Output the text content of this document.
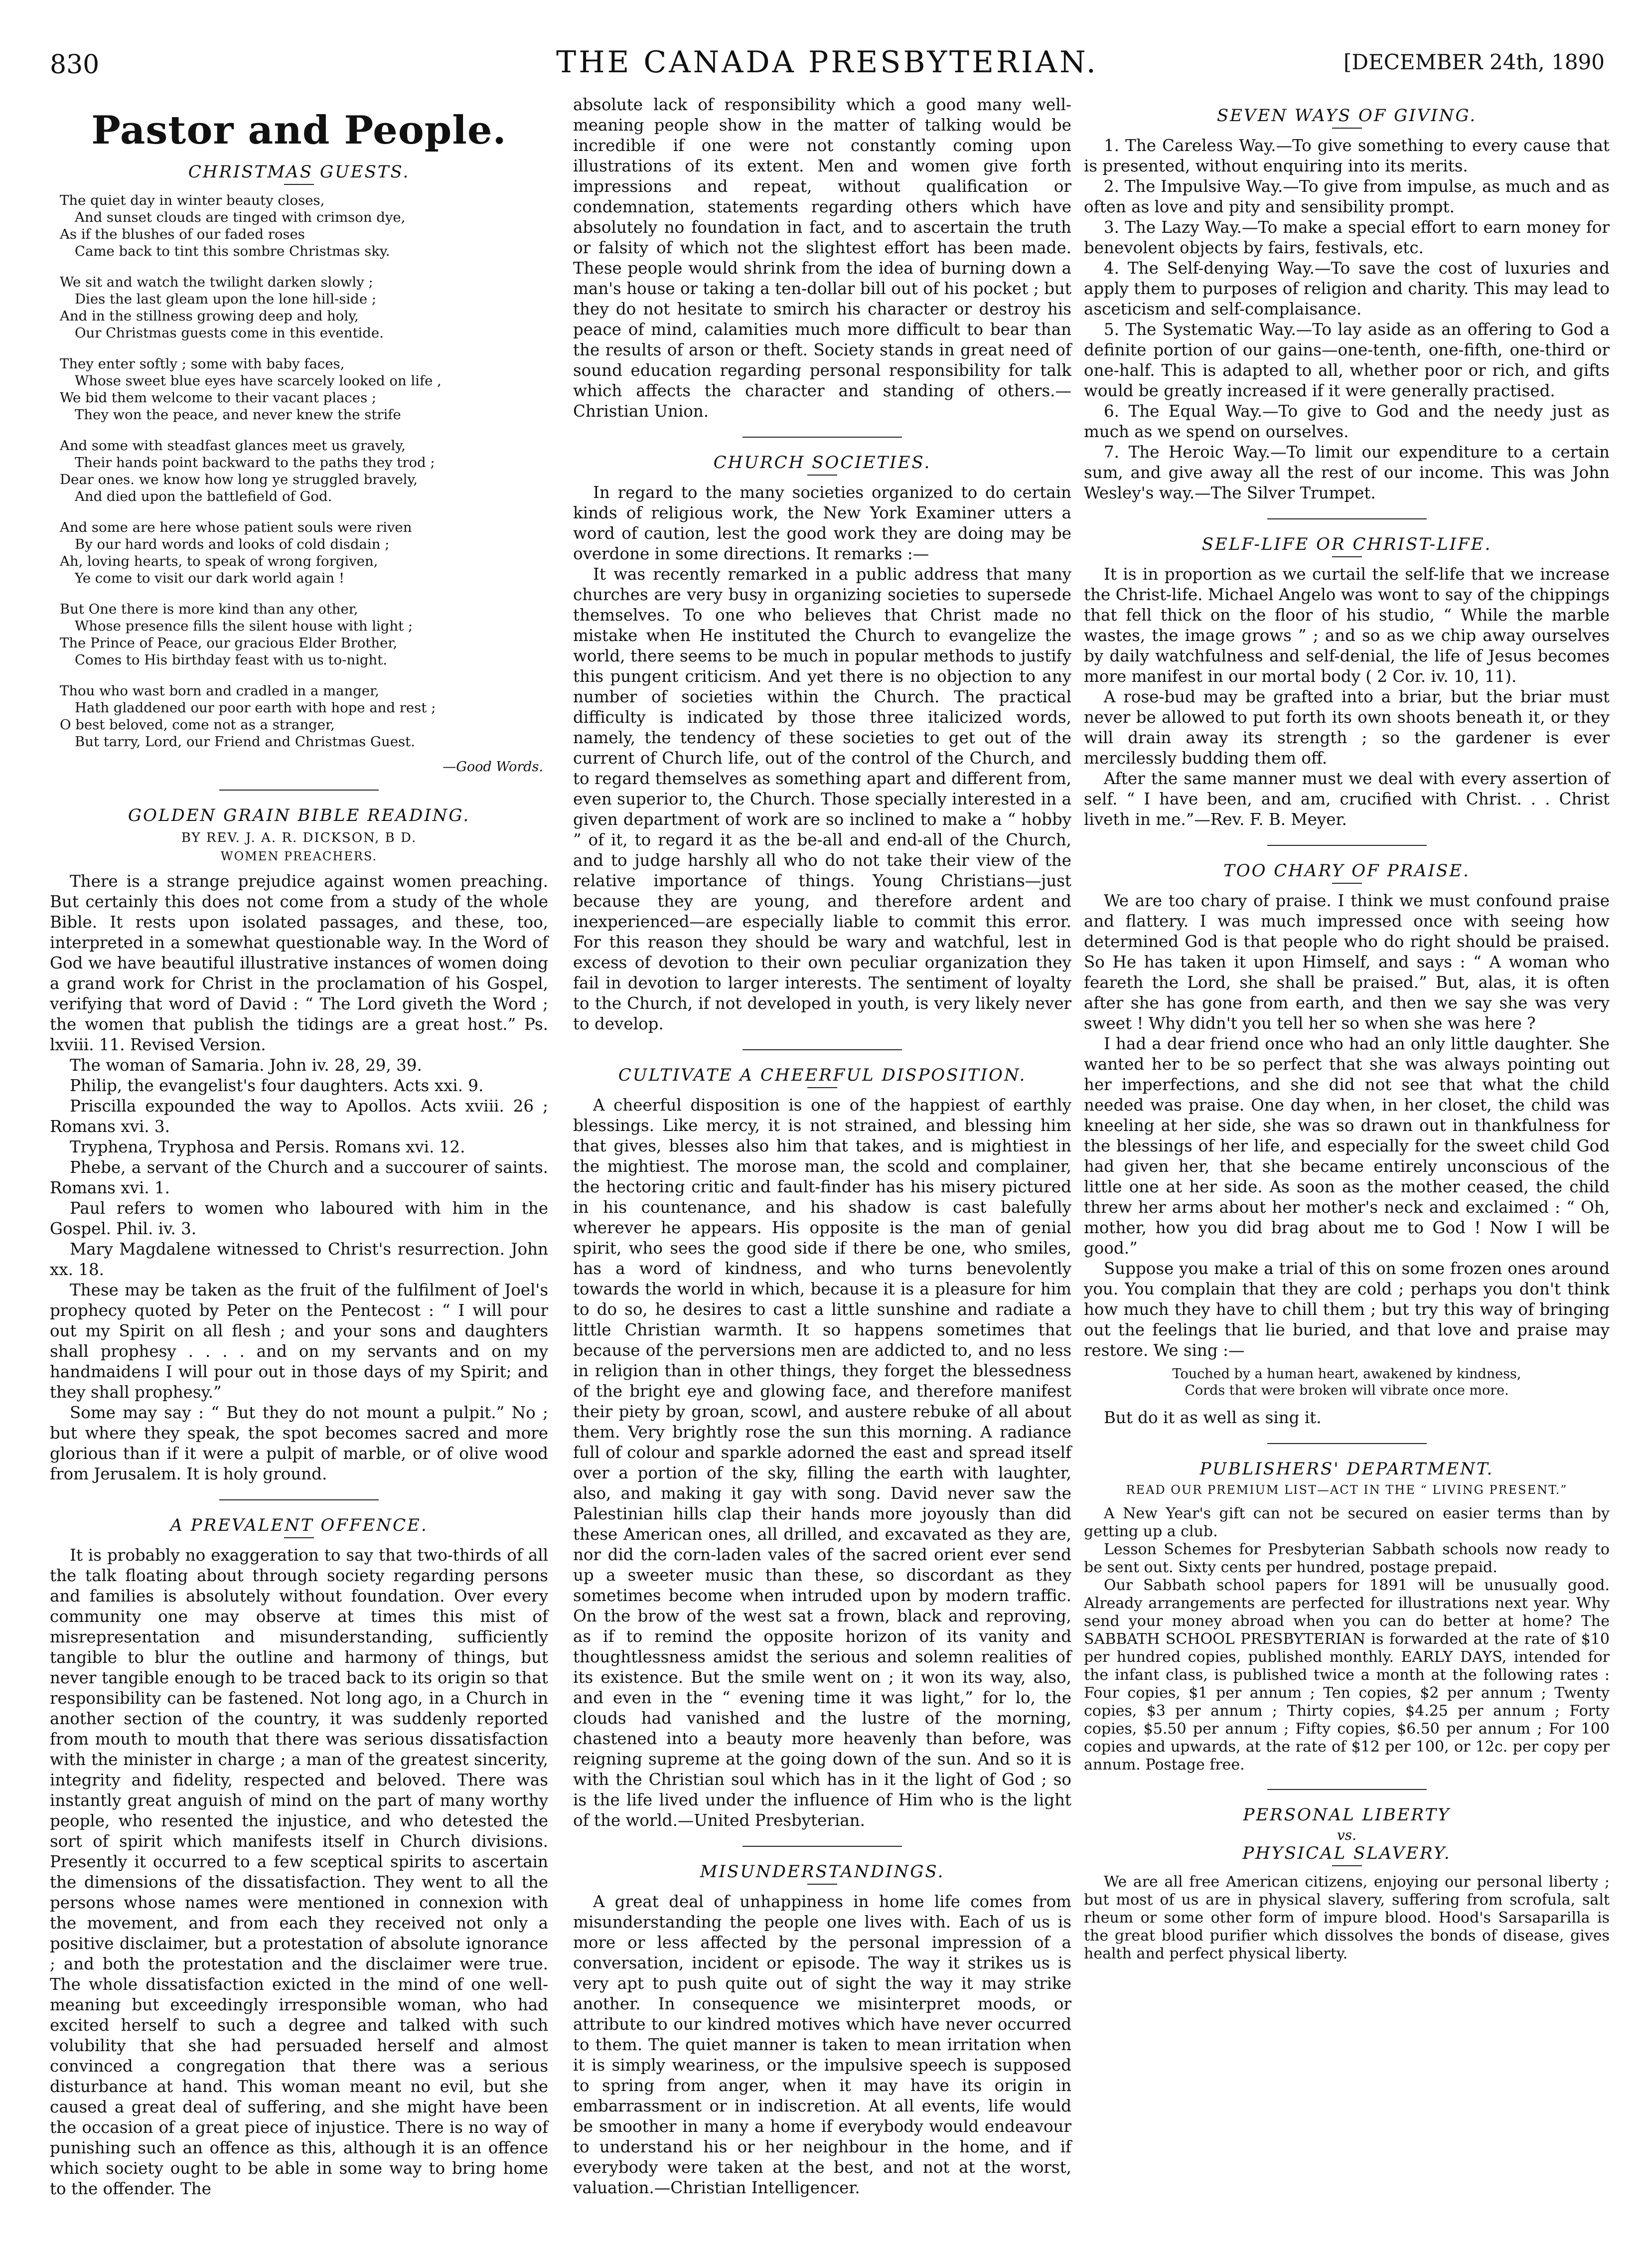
830	THE CANADA PRESBYTERIAN.	[DECEMBER 24th, 1890
Pastor and People.
CHRISTMAS GUESTS.
The quiet day in winter beauty closes,
And sunset clouds are tinged with crimson dye,
As if the blushes of our faded roses
Came back to tint this sombre Christmas sky.
We sit and watch the twilight darken slowly ;
Dies the last gleam upon the lone hill-side ;
And in the stillness growing deep and holy,
Our Christmas guests come in this eventide.
They enter softly ; some with baby faces,
Whose sweet blue eyes have scarcely looked on life ,
We bid them welcome to their vacant places ;
They won the peace, and never knew the strife
And some with steadfast glances meet us gravely,
Their hands point backward to the paths they trod ;
Dear ones. we know how long ye struggled bravely,
And died upon the battlefield of God.
And some are here whose patient souls were riven
By our hard words and looks of cold disdain ;
Ah, loving hearts, to speak of wrong forgiven,
Ye come to visit our dark world again !
But One there is more kind than any other,
Whose presence fills the silent house with light ;
The Prince of Peace, our gracious Elder Brother,
Comes to His birthday feast with us to-night.
Thou who wast born and cradled in a manger,
Hath gladdened our poor earth with hope and rest ;
O best beloved, come not as a stranger,
But tarry, Lord, our Friend and Christmas Guest.
—Good Words.
GOLDEN GRAIN BIBLE READING.
BY REV. J. A. R. DICKSON, B D.
WOMEN PREACHERS.

There is a strange prejudice against women preaching. But certainly this does not come from a study of the whole Bible. It rests upon isolated passages, and these, too, interpreted in a somewhat questionable way. In the Word of God we have beautiful illustrative instances of women doing a grand work for Christ in the proclamation of his Gospel, verifying that word of David : “ The Lord giveth the Word ; the women that publish the tidings are a great host.” Ps. lxviii. 11. Revised Version.

The woman of Samaria. John iv. 28, 29, 39.

Philip, the evangelist's four daughters. Acts xxi. 9.

Priscilla expounded the way to Apollos. Acts xviii. 26 ; Romans xvi. 3.

Tryphena, Tryphosa and Persis. Romans xvi. 12.

Phebe, a servant of the Church and a succourer of saints. Romans xvi. 1.

Paul refers to women who laboured with him in the Gospel. Phil. iv. 3.

Mary Magdalene witnessed to Christ's resurrection. John xx. 18.

These may be taken as the fruit of the fulfilment of Joel's prophecy quoted by Peter on the Pentecost : “ I will pour out my Spirit on all flesh ; and your sons and daughters shall prophesy . . . . and on my servants and on my handmaidens I will pour out in those days of my Spirit; and they shall prophesy.”

Some may say : “ But they do not mount a pulpit.” No ; but where they speak, the spot becomes sacred and more glorious than if it were a pulpit of marble, or of olive wood from Jerusalem. It is holy ground.

A PREVALENT OFFENCE.

It is probably no exaggeration to say that two-thirds of all the talk floating about through society regarding persons and families is absolutely without foundation. Over every community one may observe at times this mist of misrepresentation and misunderstanding, sufficiently tangible to blur the outline and harmony of things, but never tangible enough to be traced back to its origin so that responsibility can be fastened. Not long ago, in a Church in another section of the country, it was suddenly reported from mouth to mouth that there was serious dissatisfaction with the minister in charge ; a man of the greatest sincerity, integrity and fidelity, respected and beloved. There was instantly great anguish of mind on the part of many worthy people, who resented the injustice, and who detested the sort of spirit which manifests itself in Church divisions. Presently it occurred to a few sceptical spirits to ascertain the dimensions of the dissatisfaction. They went to all the persons whose names were mentioned in connexion with the movement, and from each they received not only a positive disclaimer, but a protestation of absolute ignorance ; and both the protestation and the disclaimer were true. The whole dissatisfaction exicted in the mind of one well-meaning but exceedingly irresponsible woman, who had excited herself to such a degree and talked with such volubility that she had persuaded herself and almost convinced a congregation that there was a serious disturbance at hand. This woman meant no evil, but she caused a great deal of suffering, and she might have been the occasion of a great piece of injustice. There is no way of punishing such an offence as this, although it is an offence which society ought to be able in some way to bring home to the offender. The

absolute lack of responsibility which a good many well-meaning people show in the matter of talking would be incredible if one were not constantly coming upon illustrations of its extent. Men and women give forth impressions and repeat, without qualification or condemnation, statements regarding others which have absolutely no foundation in fact, and to ascertain the truth or falsity of which not the slightest effort has been made. These people would shrink from the idea of burning down a man's house or taking a ten-dollar bill out of his pocket ; but they do not hesitate to smirch his character or destroy his peace of mind, calamities much more difficult to bear than the results of arson or theft. Society stands in great need of sound education regarding personal responsibility for talk which affects the character and standing of others.—Christian Union.

CHURCH SOCIETIES.

In regard to the many societies organized to do certain kinds of religious work, the New York Examiner utters a word of caution, lest the good work they are doing may be overdone in some directions. It remarks :—

It was recently remarked in a public address that many churches are very busy in organizing societies to supersede themselves. To one who believes that Christ made no mistake when He instituted the Church to evangelize the world, there seems to be much in popular methods to justify this pungent criticism. And yet there is no objection to any number of societies within the Church. The practical difficulty is indicated by those three italicized words, namely, the tendency of these societies to get out of the current of Church life, out of the control of the Church, and to regard themselves as something apart and different from, even superior to, the Church. Those specially interested in a given department of work are so inclined to make a “ hobby ” of it, to regard it as the be-all and end-all of the Church, and to judge harshly all who do not take their view of the relative importance of things. Young Christians—just because they are young, and therefore ardent and inexperienced—are especially liable to commit this error. For this reason they should be wary and watchful, lest in excess of devotion to their own peculiar organization they fail in devotion to larger interests. The sentiment of loyalty to the Church, if not developed in youth, is very likely never to develop.

CULTIVATE A CHEERFUL DISPOSITION.

A cheerful disposition is one of the happiest of earthly blessings. Like mercy, it is not strained, and blessing him that gives, blesses also him that takes, and is mightiest in the mightiest. The morose man, the scold and complainer, the hectoring critic and fault-finder has his misery pictured in his countenance, and his shadow is cast balefully wherever he appears. His opposite is the man of genial spirit, who sees the good side if there be one, who smiles, has a word of kindness, and who turns benevolently towards the world in which, because it is a pleasure for him to do so, he desires to cast a little sunshine and radiate a little Christian warmth. It so happens sometimes that because of the perversions men are addicted to, and no less in religion than in other things, they forget the blessedness of the bright eye and glowing face, and therefore manifest their piety by groan, scowl, and austere rebuke of all about them. Very brightly rose the sun this morning. A radiance full of colour and sparkle adorned the east and spread itself over a portion of the sky, filling the earth with laughter, also, and making it gay with song. David never saw the Palestinian hills clap their hands more joyously than did these American ones, all drilled, and excavated as they are, nor did the corn-laden vales of the sacred orient ever send up a sweeter music than these, so discordant as they sometimes become when intruded upon by modern traffic. On the brow of the west sat a frown, black and reproving, as if to remind the opposite horizon of its vanity and thoughtlessness amidst the serious and solemn realities of its existence. But the smile went on ; it won its way, also, and even in the “ evening time it was light,” for lo, the clouds had vanished and the lustre of the morning, chastened into a beauty more heavenly than before, was reigning supreme at the going down of the sun. And so it is with the Christian soul which has in it the light of God ; so is the life lived under the influence of Him who is the light of the world.—United Presbyterian.

MISUNDERSTANDINGS.

A great deal of unhappiness in home life comes from misunderstanding the people one lives with. Each of us is more or less affected by the personal impression of a conversation, incident or episode. The way it strikes us is very apt to push quite out of sight the way it may strike another. In consequence we misinterpret moods, or attribute to our kindred motives which have never occurred to them. The quiet manner is taken to mean irritation when it is simply weariness, or the impulsive speech is supposed to spring from anger, when it may have its origin in embarrassment or in indiscretion. At all events, life would be smoother in many a home if everybody would endeavour to understand his or her neighbour in the home, and if everybody were taken at the best, and not at the worst, valuation.—Christian Intelligencer.

SEVEN WAYS OF GIVING.

1. The Careless Way.—To give something to every cause that is presented, without enquiring into its merits.

2. The Impulsive Way.—To give from impulse, as much and as often as love and pity and sensibility prompt.

3. The Lazy Way.—To make a special effort to earn money for benevolent objects by fairs, festivals, etc.

4. The Self-denying Way.—To save the cost of luxuries and apply them to purposes of religion and charity. This may lead to asceticism and self-complaisance.

5. The Systematic Way.—To lay aside as an offering to God a definite portion of our gains—one-tenth, one-fifth, one-third or one-half. This is adapted to all, whether poor or rich, and gifts would be greatly increased if it were generally practised.

6. The Equal Way.—To give to God and the needy just as much as we spend on ourselves.

7. The Heroic Way.—To limit our expenditure to a certain sum, and give away all the rest of our income. This was John Wesley's way.—The Silver Trumpet.

SELF-LIFE OR CHRIST-LIFE.

It is in proportion as we curtail the self-life that we increase the Christ-life. Michael Angelo was wont to say of the chippings that fell thick on the floor of his studio, “ While the marble wastes, the image grows ” ; and so as we chip away ourselves by daily watchfulness and self-denial, the life of Jesus becomes more manifest in our mortal body ( 2 Cor. iv. 10, 11).

A rose-bud may be grafted into a briar, but the briar must never be allowed to put forth its own shoots beneath it, or they will drain away its strength ; so the gardener is ever mercilessly budding them off.

After the same manner must we deal with every assertion of self. “ I have been, and am, crucified with Christ. . . Christ liveth in me.”—Rev. F. B. Meyer.

TOO CHARY OF PRAISE.

We are too chary of praise. I think we must confound praise and flattery. I was much impressed once with seeing how determined God is that people who do right should be praised. So He has taken it upon Himself, and says : “ A woman who feareth the Lord, she shall be praised.” But, alas, it is often after she has gone from earth, and then we say she was very sweet ! Why didn't you tell her so when she was here ?

I had a dear friend once who had an only little daughter. She wanted her to be so perfect that she was always pointing out her imperfections, and she did not see that what the child needed was praise. One day when, in her closet, the child was kneeling at her side, she was so drawn out in thankfulness for the blessings of her life, and especially for the sweet child God had given her, that she became entirely unconscious of the little one at her side. As soon as the mother ceased, the child threw her arms about her mother's neck and exclaimed : “ Oh, mother, how you did brag about me to God ! Now I will be good.”

Suppose you make a trial of this on some frozen ones around you. You complain that they are cold ; perhaps you don't think how much they have to chill them ; but try this way of bringing out the feelings that lie buried, and that love and praise may restore. We sing :—

Touched by a human heart, awakened by kindness,
Cords that were broken will vibrate once more.

But do it as well as sing it.

PUBLISHERS' DEPARTMENT.
READ OUR PREMIUM LIST—ACT IN THE “ LIVING PRESENT.”

A New Year's gift can not be secured on easier terms than by getting up a club.

Lesson Schemes for Presbyterian Sabbath schools now ready to be sent out. Sixty cents per hundred, postage prepaid.

Our Sabbath school papers for 1891 will be unusually good. Already arrangements are perfected for illustrations next year. Why send your money abroad when you can do better at home? The SABBATH SCHOOL PRESBYTERIAN is forwarded at the rate of $10 per hundred copies, published monthly. EARLY DAYS, intended for the infant class, is published twice a month at the following rates : Four copies, $1 per annum ; Ten copies, $2 per annum ; Twenty copies, $3 per annum ; Thirty copies, $4.25 per annum ; Forty copies, $5.50 per annum ; Fifty copies, $6.50 per annum ; For 100 copies and upwards, at the rate of $12 per 100, or 12c. per copy per annum. Postage free.

PERSONAL LIBERTY
vs.
PHYSICAL SLAVERY.

We are all free American citizens, enjoying our personal liberty ; but most of us are in physical slavery, suffering from scrofula, salt rheum or some other form of impure blood. Hood's Sarsaparilla is the great blood purifier which dissolves the bonds of disease, gives health and perfect physical liberty.
